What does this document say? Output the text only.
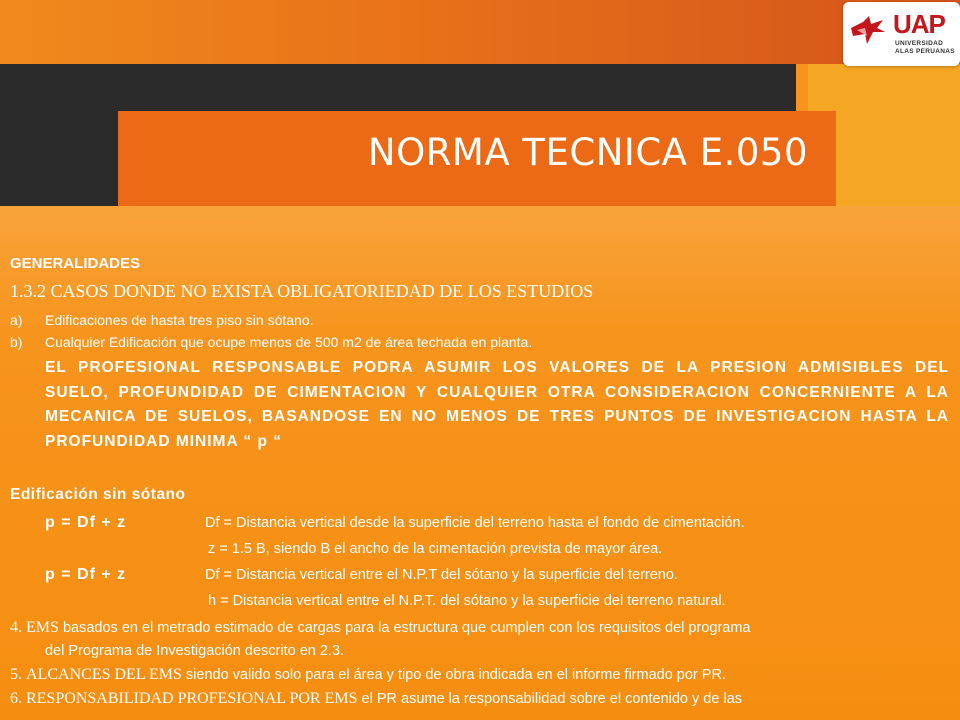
UAP
UNIVERSIDAD
ALAS PERUANAS
NORMA TECNICA E.050
GENERALIDADES
1.3.2 CASOS DONDE NO EXISTA OBLIGATORIEDAD DE LOS ESTUDIOS
a) Edificaciones de hasta tres piso sin sótano.
b) Cualquier Edificación que ocupe menos de 500 m2 de área techada en planta.
EL PROFESIONAL RESPONSABLE PODRA ASUMIR LOS VALORES DE LA PRESION ADMISIBLES DEL SUELO, PROFUNDIDAD DE CIMENTACION Y CUALQUIER OTRA CONSIDERACION CONCERNIENTE A LA MECANICA DE SUELOS, BASANDOSE EN NO MENOS DE TRES PUNTOS DE INVESTIGACION HASTA LA PROFUNDIDAD MINIMA “ p “
Edificación sin sótano
p = Df + z	Df = Distancia vertical desde la superficie del terreno hasta el fondo de cimentación.
z = 1.5 B, siendo B el ancho de la cimentación prevista de mayor área.
p = Df + z	Df = Distancia vertical entre el N.P.T del sótano y la superficie del terreno.
h = Distancia vertical entre el N.P.T. del sótano y la superficie del terreno natural.
4. EMS basados en el metrado estimado de cargas para la estructura que cumplen con los requisitos del programa
del Programa de Investigación descrito en 2.3.
5. ALCANCES DEL EMS siendo valido solo para el área y tipo de obra indicada en el informe firmado por PR.
6. RESPONSABILIDAD PROFESIONAL POR EMS el PR asume la responsabilidad sobre el contenido y de las
